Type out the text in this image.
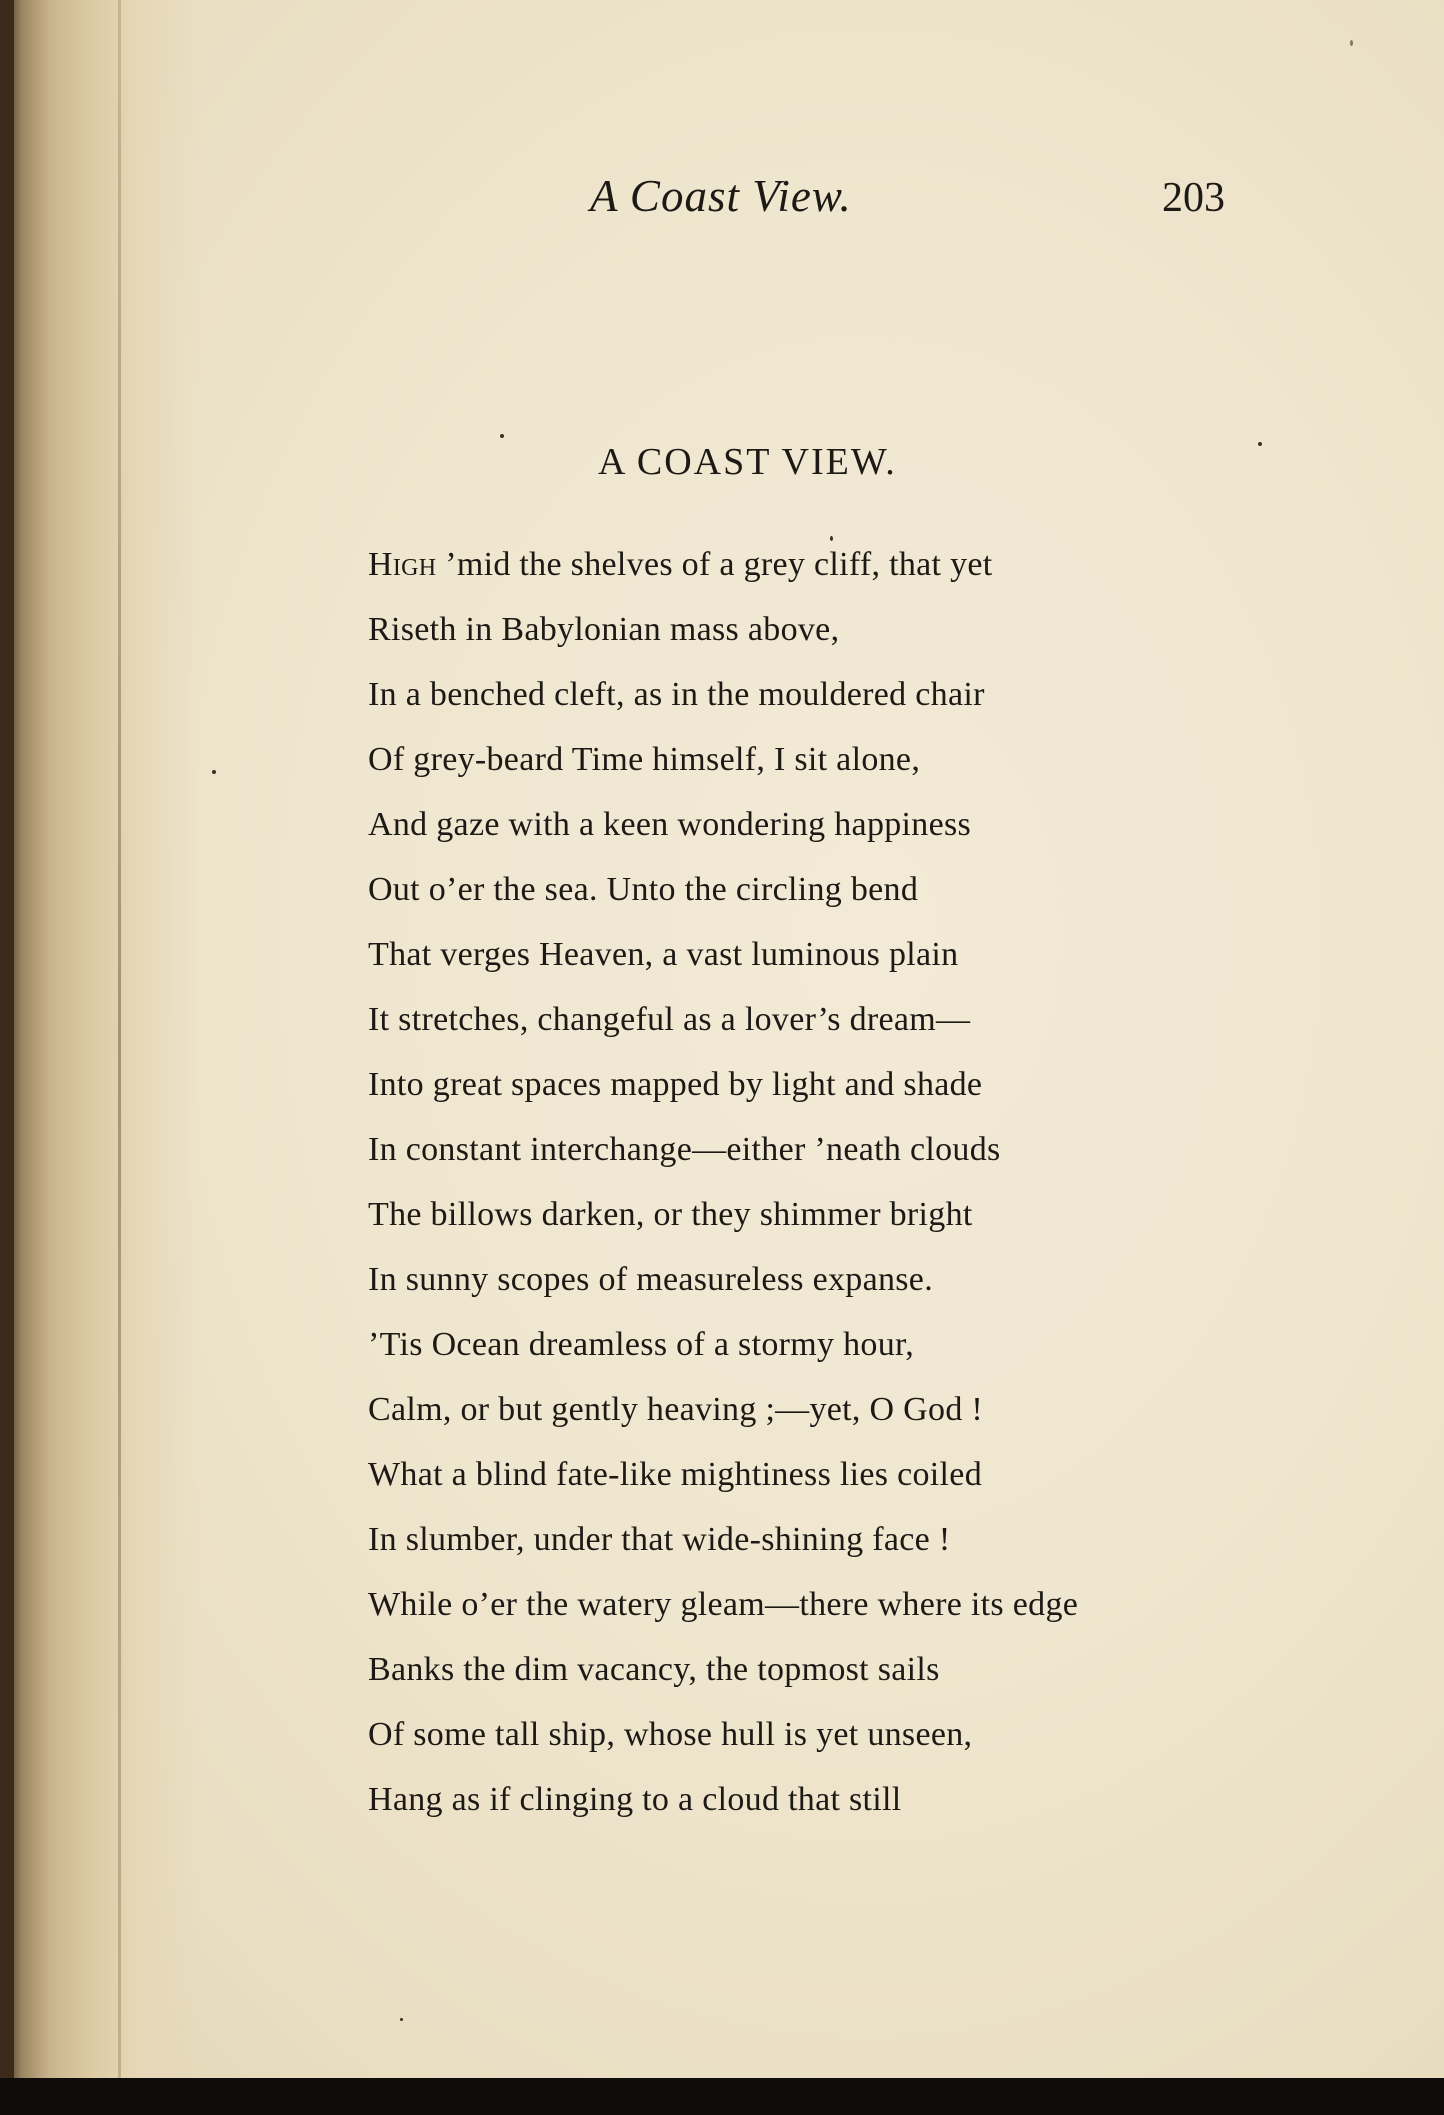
A Coast View.	203
A COAST VIEW.
High ’mid the shelves of a grey cliff, that yet
Riseth in Babylonian mass above,
In a benched cleft, as in the mouldered chair
Of grey-beard Time himself, I sit alone,
And gaze with a keen wondering happiness
Out o’er the sea. Unto the circling bend
That verges Heaven, a vast luminous plain
It stretches, changeful as a lover’s dream—
Into great spaces mapped by light and shade
In constant interchange—either ’neath clouds
The billows darken, or they shimmer bright
In sunny scopes of measureless expanse.
’Tis Ocean dreamless of a stormy hour,
Calm, or but gently heaving ;—yet, O God !
What a blind fate-like mightiness lies coiled
In slumber, under that wide-shining face !
While o’er the watery gleam—there where its edge
Banks the dim vacancy, the topmost sails
Of some tall ship, whose hull is yet unseen,
Hang as if clinging to a cloud that still
